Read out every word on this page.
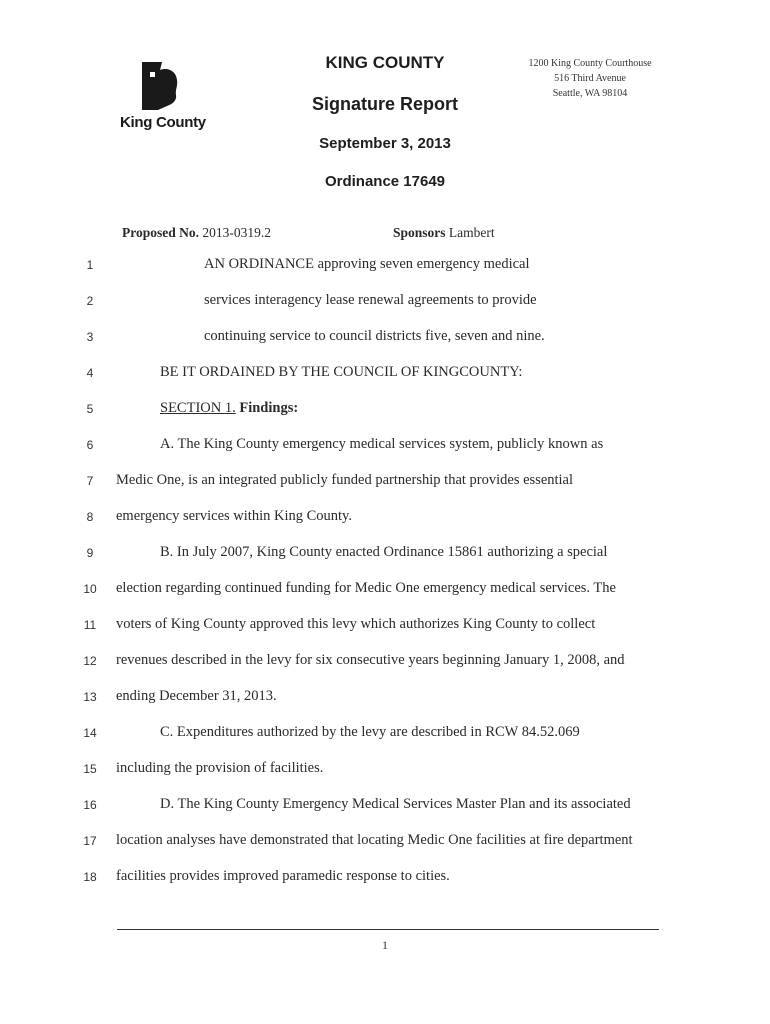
King County
KING COUNTY
Signature Report
September 3, 2013
Ordinance 17649
1200 King County Courthouse
516 Third Avenue
Seattle, WA 98104
Proposed No. 2013-0319.2	Sponsors Lambert
1
2
3
4
5
6
7
8
9
10
11
12
13
14
15
16
17
18
AN ORDINANCE approving seven emergency medical
services interagency lease renewal agreements to provide
continuing service to council districts five, seven and nine.
BE IT ORDAINED BY THE COUNCIL OF KINGCOUNTY:
SECTION 1. Findings:
A. The King County emergency medical services system, publicly known as
Medic One, is an integrated publicly funded partnership that provides essential
emergency services within King County.
B. In July 2007, King County enacted Ordinance 15861 authorizing a special
election regarding continued funding for Medic One emergency medical services. The
voters of King County approved this levy which authorizes King County to collect
revenues described in the levy for six consecutive years beginning January 1, 2008, and
ending December 31, 2013.
C. Expenditures authorized by the levy are described in RCW 84.52.069
including the provision of facilities.
D. The King County Emergency Medical Services Master Plan and its associated
location analyses have demonstrated that locating Medic One facilities at fire department
facilities provides improved paramedic response to cities.
1
